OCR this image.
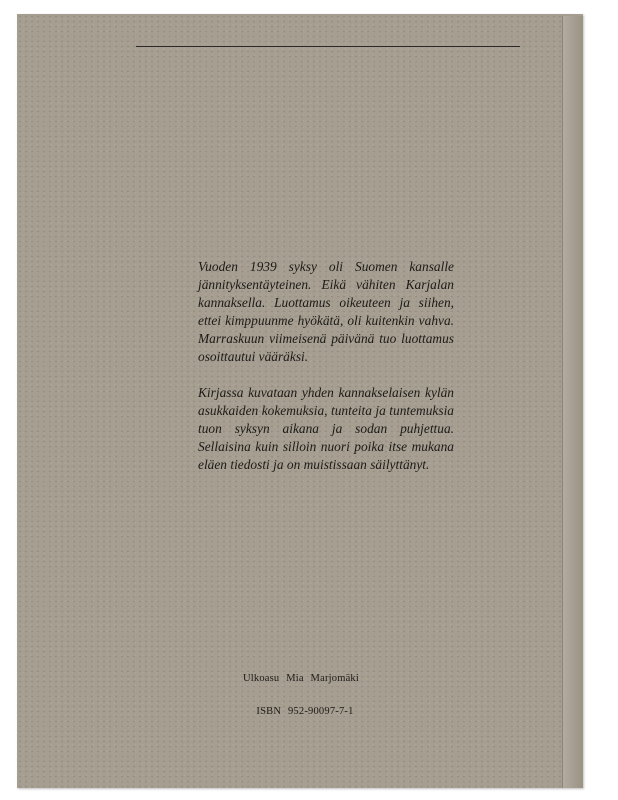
Vuoden 1939 syksy oli Suomen kansalle jännityksentäyteinen. Eikä vähiten Karjalan kannaksella. Luottamus oikeuteen ja siihen, ettei kimppuunme hyökätä, oli kuitenkin vahva. Marraskuun viimeisenä päivänä tuo luottamus osoittautui vääräksi.

Kirjassa kuvataan yhden kannakselaisen kylän asukkaiden kokemuksia, tunteita ja tuntemuksia tuon syksyn aikana ja sodan puhjettua. Sellaisina kuin silloin nuori poika itse mukana eläen tiedosti ja on muistissaan säilyttänyt.

Ulkoasu Mia Marjomäki
ISBN 952-90097-7-1
